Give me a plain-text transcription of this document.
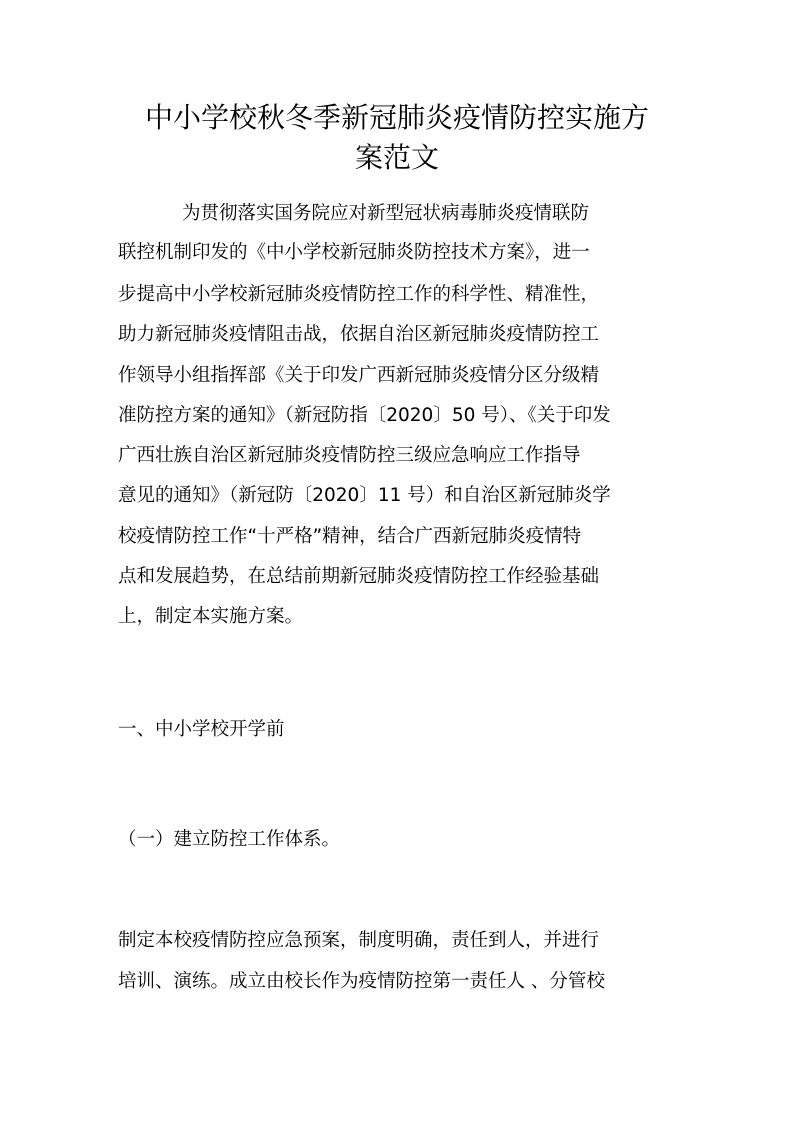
中小学校秋冬季新冠肺炎疫情防控实施方
案范文

为贯彻落实国务院应对新型冠状病毒肺炎疫情联防

联控机制印发的《中小学校新冠肺炎防控技术方案》，进一

步提高中小学校新冠肺炎疫情防控工作的科学性、精准性，

助力新冠肺炎疫情阻击战，依据自治区新冠肺炎疫情防控工

作领导小组指挥部《关于印发广西新冠肺炎疫情分区分级精

准防控方案的通知》（新冠防指〔2020〕50 号）、《关于印发

广西壮族自治区新冠肺炎疫情防控三级应急响应工作指导

意见的通知》（新冠防〔2020〕11 号）和自治区新冠肺炎学

校疫情防控工作“十严格”精神，结合广西新冠肺炎疫情特

点和发展趋势，在总结前期新冠肺炎疫情防控工作经验基础

上，制定本实施方案。

一、中小学校开学前

（一）建立防控工作体系。

制定本校疫情防控应急预案，制度明确，责任到人，并进行

培训、演练。成立由校长作为疫情防控第一责任人 、分管校
